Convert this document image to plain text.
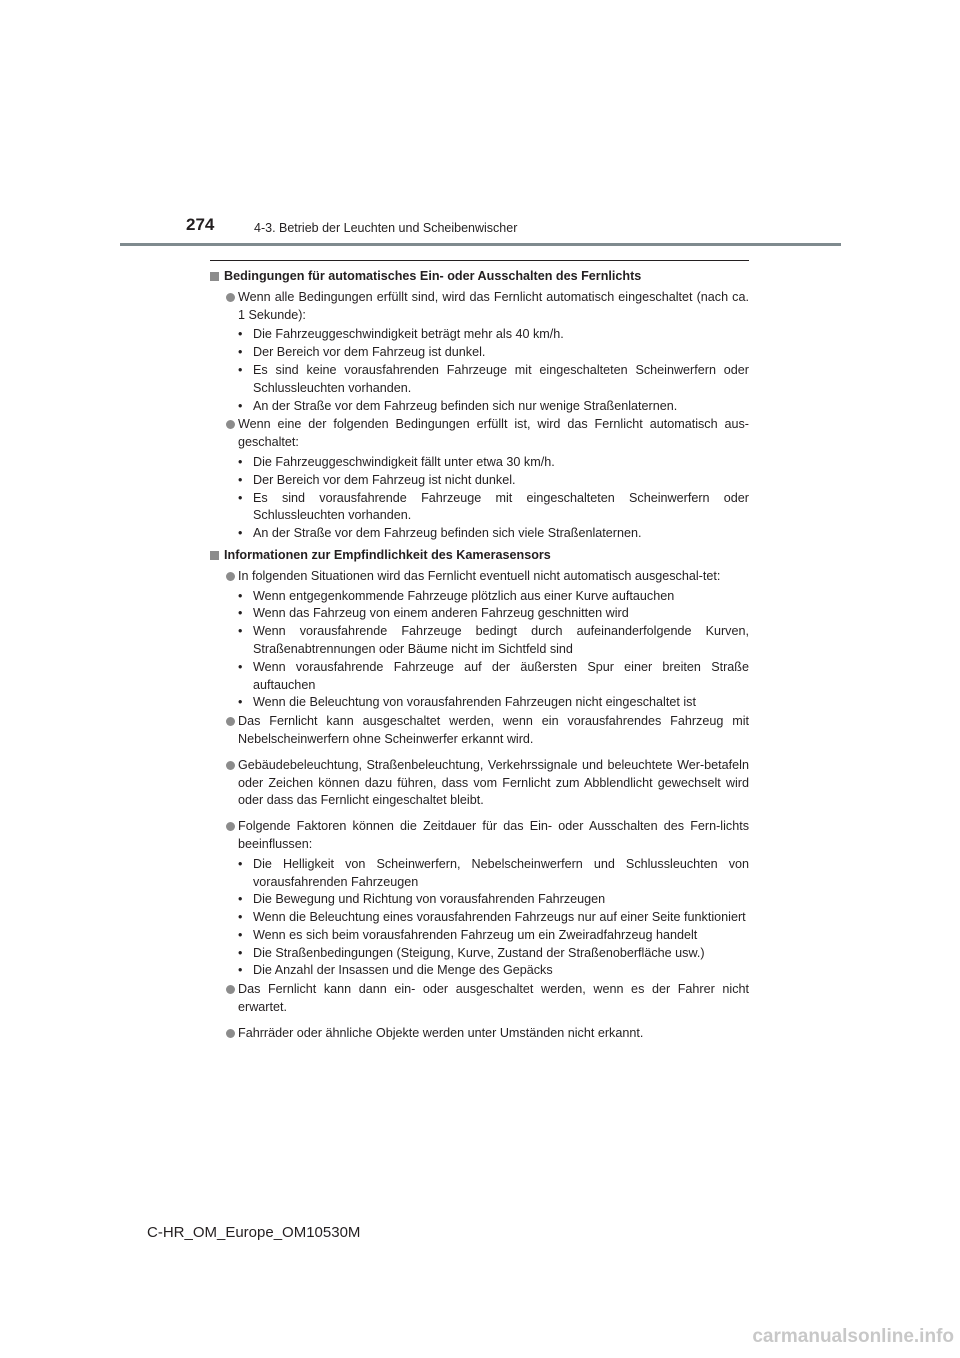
274	4-3. Betrieb der Leuchten und Scheibenwischer
Bedingungen für automatisches Ein- oder Ausschalten des Fernlichts
Wenn alle Bedingungen erfüllt sind, wird das Fernlicht automatisch eingeschaltet (nach ca. 1 Sekunde):
• Die Fahrzeuggeschwindigkeit beträgt mehr als 40 km/h.
• Der Bereich vor dem Fahrzeug ist dunkel.
• Es sind keine vorausfahrenden Fahrzeuge mit eingeschalteten Scheinwerfern oder Schlussleuchten vorhanden.
• An der Straße vor dem Fahrzeug befinden sich nur wenige Straßenlaternen.
Wenn eine der folgenden Bedingungen erfüllt ist, wird das Fernlicht automatisch aus-geschaltet:
• Die Fahrzeuggeschwindigkeit fällt unter etwa 30 km/h.
• Der Bereich vor dem Fahrzeug ist nicht dunkel.
• Es sind vorausfahrende Fahrzeuge mit eingeschalteten Scheinwerfern oder Schlussleuchten vorhanden.
• An der Straße vor dem Fahrzeug befinden sich viele Straßenlaternen.
Informationen zur Empfindlichkeit des Kamerasensors
In folgenden Situationen wird das Fernlicht eventuell nicht automatisch ausgeschal-tet:
• Wenn entgegenkommende Fahrzeuge plötzlich aus einer Kurve auftauchen
• Wenn das Fahrzeug von einem anderen Fahrzeug geschnitten wird
• Wenn vorausfahrende Fahrzeuge bedingt durch aufeinanderfolgende Kurven, Straßenabtrennungen oder Bäume nicht im Sichtfeld sind
• Wenn vorausfahrende Fahrzeuge auf der äußersten Spur einer breiten Straße auftauchen
• Wenn die Beleuchtung von vorausfahrenden Fahrzeugen nicht eingeschaltet ist
Das Fernlicht kann ausgeschaltet werden, wenn ein vorausfahrendes Fahrzeug mit Nebelscheinwerfern ohne Scheinwerfer erkannt wird.
Gebäudebeleuchtung, Straßenbeleuchtung, Verkehrssignale und beleuchtete Wer-betafeln oder Zeichen können dazu führen, dass vom Fernlicht zum Abblendlicht gewechselt wird oder dass das Fernlicht eingeschaltet bleibt.
Folgende Faktoren können die Zeitdauer für das Ein- oder Ausschalten des Fern-lichts beeinflussen:
• Die Helligkeit von Scheinwerfern, Nebelscheinwerfern und Schlussleuchten von vorausfahrenden Fahrzeugen
• Die Bewegung und Richtung von vorausfahrenden Fahrzeugen
• Wenn die Beleuchtung eines vorausfahrenden Fahrzeugs nur auf einer Seite funktioniert
• Wenn es sich beim vorausfahrenden Fahrzeug um ein Zweiradfahrzeug handelt
• Die Straßenbedingungen (Steigung, Kurve, Zustand der Straßenoberfläche usw.)
• Die Anzahl der Insassen und die Menge des Gepäcks
Das Fernlicht kann dann ein- oder ausgeschaltet werden, wenn es der Fahrer nicht erwartet.
Fahrräder oder ähnliche Objekte werden unter Umständen nicht erkannt.
C-HR_OM_Europe_OM10530M
carmanualsonline.info
